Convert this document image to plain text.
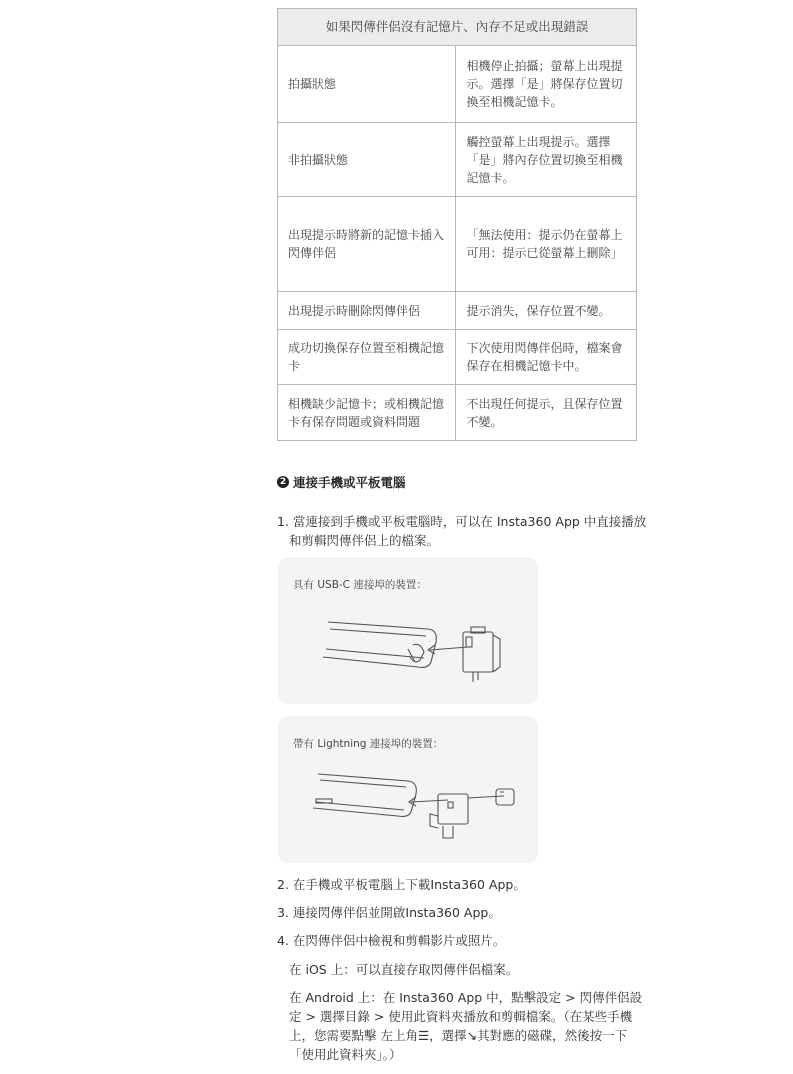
如果閃傳伴侶沒有記憶片、內存不足或出現錯誤	
拍攝狀態	相機停止拍攝；螢幕上出現提示。選擇「是」將保存位置切換至相機記憶卡。
非拍攝狀態	觸控螢幕上出現提示。選擇「是」將內存位置切換至相機記憶卡。
出現提示時將新的記憶卡插入閃傳伴侶	「無法使用：提示仍在螢幕上
可用：提示已從螢幕上刪除」
出現提示時刪除閃傳伴侶	提示消失，保存位置不變。
成功切換保存位置至相機記憶卡	下次使用閃傳伴侶時，檔案會保存在相機記憶卡中。
相機缺少記憶卡；或相機記憶卡有保存問題或資料問題	不出現任何提示，且保存位置不變。
2 連接手機或平板電腦
1. 當連接到手機或平板電腦時，可以在 Insta360 App 中直接播放和剪輯閃傳伴侶上的檔案。
具有 USB-C 連接埠的裝置：
帶有 Lightning 連接埠的裝置：
2. 在手機或平板電腦上下載Insta360 App。
3. 連接閃傳伴侶並開啟Insta360 App。
4. 在閃傳伴侶中檢視和剪輯影片或照片。
在 iOS 上：可以直接存取閃傳伴侶檔案。
在 Android 上：在 Insta360 App 中，點擊設定 > 閃傳伴侶設定 > 選擇目錄 > 使用此資料夾播放和剪輯檔案。（在某些手機上，您需要點擊 左上角☰，選擇↘其對應的磁碟，然後按一下「使用此資料夾」。）
